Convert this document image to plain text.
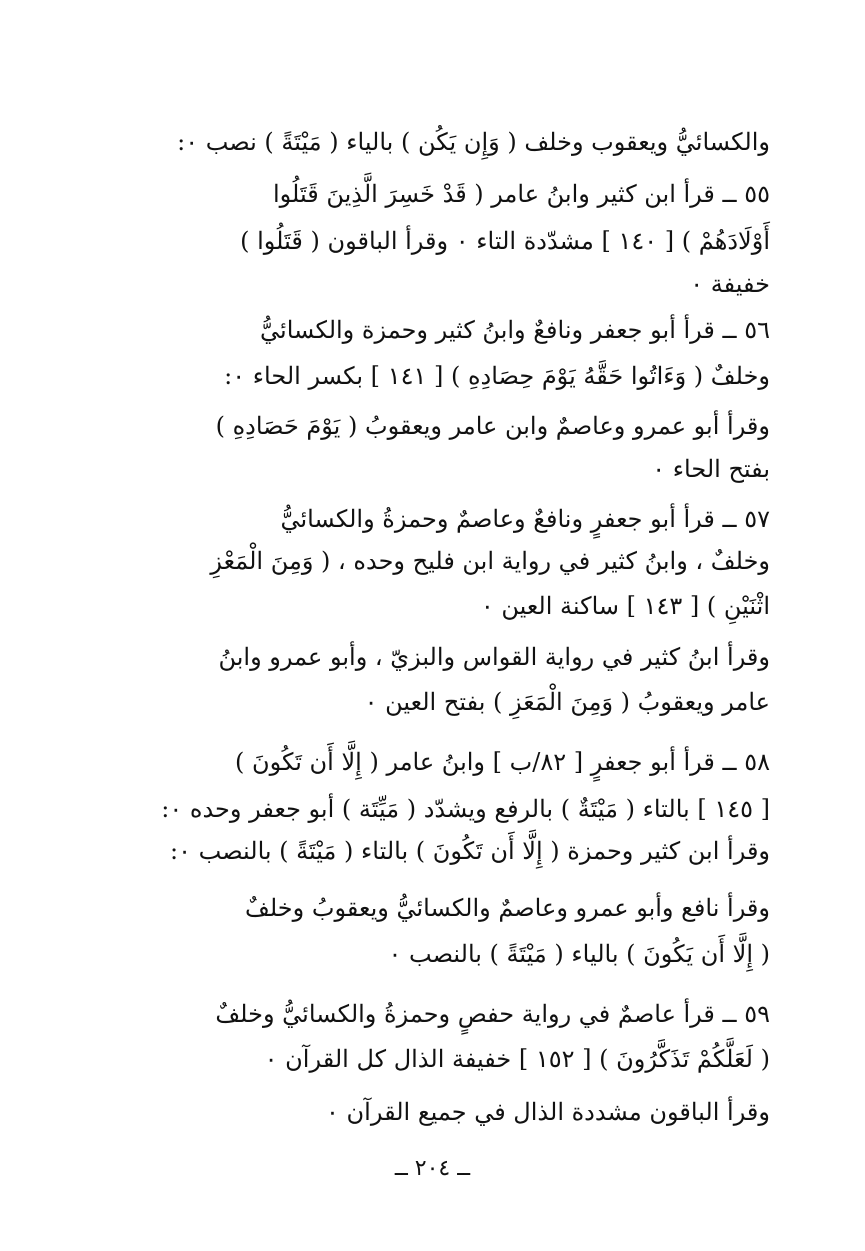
والكسائيُّ ويعقوب وخلف ( وَإِن يَكُن ) بالياء ( مَيْتَةً ) نصب ٠:
٥٥ ــ قرأ ابن كثير وابنُ عامر ( قَدْ خَسِرَ الَّذِينَ قَتَلُوا
أَوْلَادَهُمْ ) [ ١٤٠ ] مشدّدة التاء ٠ وقرأ الباقون ( قَتَلُوا )
خفيفة ٠
٥٦ ــ قرأ أبو جعفر ونافعٌ وابنُ كثير وحمزة والكسائيُّ
وخلفٌ ( وَءَاتُوا حَقَّهُ يَوْمَ حِصَادِهِ ) [ ١٤١ ] بكسر الحاء ٠:
وقرأ أبو عمرو وعاصمٌ وابن عامر ويعقوبُ ( يَوْمَ حَصَادِهِ )
بفتح الحاء ٠
٥٧ ــ قرأ أبو جعفرٍ ونافعٌ وعاصمٌ وحمزةُ والكسائيُّ
وخلفٌ ، وابنُ كثير في رواية ابن فليح وحده ، ( وَمِنَ الْمَعْزِ
اثْنَيْنِ ) [ ١٤٣ ] ساكنة العين ٠
وقرأ ابنُ كثير في رواية القواس والبزيّ ، وأبو عمرو وابنُ
عامر ويعقوبُ ( وَمِنَ الْمَعَزِ ) بفتح العين ٠
٥٨ ــ قرأ أبو جعفرٍ [ ٨٢/ب ] وابنُ عامر ( إِلَّا أَن تَكُونَ )
[ ١٤٥ ] بالتاء ( مَيْتَةٌ ) بالرفع ويشدّد ( مَيِّتَة ) أبو جعفر وحده ٠:
وقرأ ابن كثير وحمزة ( إِلَّا أَن تَكُونَ ) بالتاء ( مَيْتَةً ) بالنصب ٠:
وقرأ نافع وأبو عمرو وعاصمٌ والكسائيُّ ويعقوبُ وخلفٌ
( إِلَّا أَن يَكُونَ ) بالياء ( مَيْتَةً ) بالنصب ٠
٥٩ ــ قرأ عاصمٌ في رواية حفصٍ وحمزةُ والكسائيُّ وخلفٌ
( لَعَلَّكُمْ تَذَكَّرُونَ ) [ ١٥٢ ] خفيفة الذال كل القرآن ٠
وقرأ الباقون مشددة الذال في جميع القرآن ٠
ــ ٢٠٤ ــ
